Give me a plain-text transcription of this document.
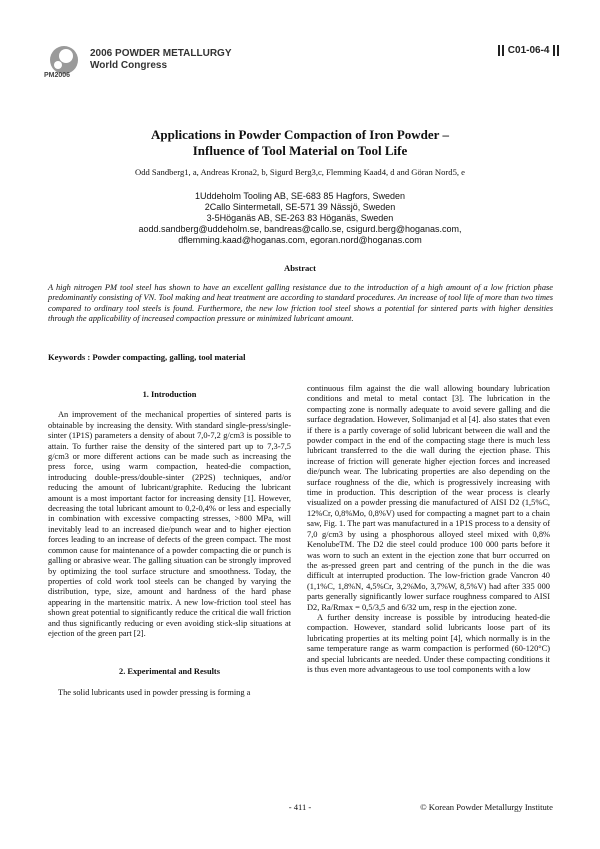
2006 POWDER METALLURGY
World Congress
PM2006
C01-06-4
Applications in Powder Compaction of Iron Powder –
Influence of Tool Material on Tool Life
Odd Sandberg1, a, Andreas Krona2, b, Sigurd Berg3,c, Flemming Kaad4, d and Göran Nord5, e
1Uddeholm Tooling AB, SE-683 85 Hagfors, Sweden
2Callo Sintermetall, SE-571 39 Nässjö, Sweden
3-5Höganäs AB, SE-263 83 Höganäs, Sweden
aodd.sandberg@uddeholm.se, bandreas@callo.se, csigurd.berg@hoganas.com,
dflemming.kaad@hoganas.com, egoran.nord@hoganas.com
Abstract
A high nitrogen PM tool steel has shown to have an excellent galling resistance due to the introduction of a high amount of a low friction phase predominantly consisting of VN. Tool making and heat treatment are according to standard procedures. An increase of tool life of more than two times compared to ordinary tool steels is found. Furthermore, the new low friction tool steel shows a potential for sintered parts with higher densities through the applicability of increased compaction pressure or minimized lubricant amount.
Keywords : Powder compacting, galling, tool material

1. Introduction

An improvement of the mechanical properties of sintered parts is obtainable by increasing the density. With standard single-press/single-sinter (1P1S) parameters a density of about 7,0-7,2 g/cm3 is possible to attain. To further raise the density of the sintered part up to 7,3-7,5 g/cm3 or more different actions can be made such as increasing the press force, using warm compaction, heated-die compaction, introducing double-press/double-sinter (2P2S) techniques, and/or reducing the amount of lubricant/graphite. Reducing the lubricant amount is a most important factor for increasing density [1]. However, decreasing the total lubricant amount to 0,2-0,4% or less and especially in combination with excessive compacting stresses, >800 MPa, will inevitably lead to an increased die/punch wear and to higher ejection forces leading to an increase of defects of the green compact. The most common cause for maintenance of a powder compacting die or punch is galling or abrasive wear. The galling situation can be strongly improved by optimizing the tool surface structure and smoothness. Today, the properties of cold work tool steels can be changed by varying the distribution, type, size, amount and hardness of the hard phase appearing in the martensitic matrix. A new low-friction tool steel has shown great potential to significantly reduce the critical die wall friction and thus significantly reducing or even avoiding stick-slip situations at ejection of the green part [2].

2. Experimental and Results

The solid lubricants used in powder pressing is forming a

continuous film against the die wall allowing boundary lubrication conditions and metal to metal contact [3]. The lubrication in the compacting zone is normally adequate to avoid severe galling and die surface degradation. However, Solimanjad et al [4]. also states that even if there is a partly coverage of solid lubricant between die wall and the powder compact in the end of the compacting stage there is much less lubricant transferred to the die wall during the ejection phase. This increase of friction will generate higher ejection forces and increased die/punch wear. The lubricating properties are also depending on the surface roughness of the die, which is progressively increasing with time in production. This description of the wear process is clearly visualized on a powder pressing die manufactured of AISI D2 (1,5%C, 12%Cr, 0,8%Mo, 0,8%V) used for compacting a magnet part to a chain saw, Fig. 1. The part was manufactured in a 1P1S process to a density of 7,0 g/cm3 by using a phosphorous alloyed steel mixed with 0,8% KenolubeTM. The D2 die steel could produce 100 000 parts before it was worn to such an extent in the ejection zone that burr occurred on the as-pressed green part and centring of the punch in the die was difficult at interrupted production. The low-friction grade Vancron 40 (1,1%C, 1,8%N, 4,5%Cr, 3,2%Mo, 3,7%W, 8,5%V) had after 335 000 parts generally significantly lower surface roughness compared to AISI D2, Ra/Rmax = 0,5/3,5 and 6/32 um, resp in the ejection zone.

A further density increase is possible by introducing heated-die compaction. However, standard solid lubricants loose part of its lubricating properties at its melting point [4], which normally is in the same temperature range as warm compaction is performed (60-120°C) and special lubricants are needed. Under these compacting conditions it is thus even more advantageous to use tool components with a low

- 411 -	© Korean Powder Metallurgy Institute
